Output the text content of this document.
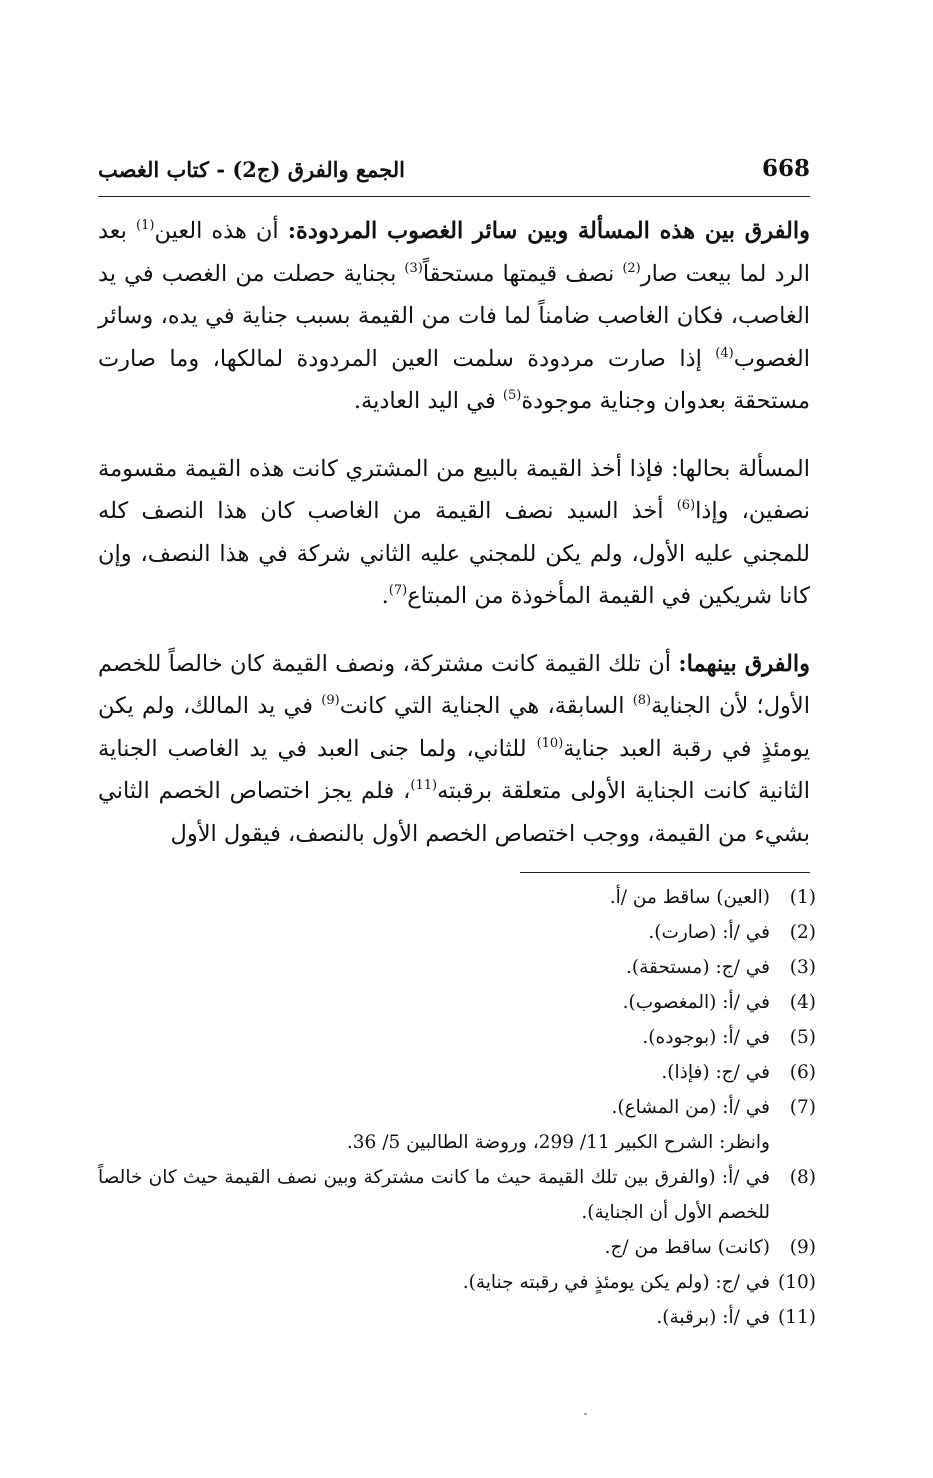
668
الجمع والفرق (ج2) - كتاب الغصب

والفرق بين هذه المسألة وبين سائر الغصوب المردودة: أن هذه العين$^{(1)}$ بعد الرد لما بيعت صار$^{(2)}$ نصف قيمتها مستحقاً$^{(3)}$ بجناية حصلت من الغصب في يد الغاصب، فكان الغاصب ضامناً لما فات من القيمة بسبب جناية في يده، وسائر الغصوب$^{(4)}$ إذا صارت مردودة سلمت العين المردودة لمالكها، وما صارت مستحقة بعدوان وجناية موجودة$^{(5)}$ في اليد العادية.

المسألة بحالها: فإذا أخذ القيمة بالبيع من المشتري كانت هذه القيمة مقسومة نصفين، وإذا$^{(6)}$ أخذ السيد نصف القيمة من الغاصب كان هذا النصف كله للمجني عليه الأول، ولم يكن للمجني عليه الثاني شركة في هذا النصف، وإن كانا شريكين في القيمة المأخوذة من المبتاع$^{(7)}$.

والفرق بينهما: أن تلك القيمة كانت مشتركة، ونصف القيمة كان خالصاً للخصم الأول؛ لأن الجناية$^{(8)}$ السابقة، هي الجناية التي كانت$^{(9)}$ في يد المالك، ولم يكن يومئذٍ في رقبة العبد جناية$^{(10)}$ للثاني، ولما جنى العبد في يد الغاصب الجناية الثانية كانت الجناية الأولى متعلقة برقبته$^{(11)}$، فلم يجز اختصاص الخصم الثاني بشيء من القيمة، ووجب اختصاص الخصم الأول بالنصف، فيقول الأول

(1)
(العين) ساقط من /أ.
(2)
في /أ: (صارت).
(3)
في /ج: (مستحقة).
(4)
في /أ: (المغصوب).
(5)
في /أ: (بوجوده).
(6)
في /ج: (فإذا).
(7)
في /أ: (من المشاع).
وانظر: الشرح الكبير 11/ 299، وروضة الطالبين 5/ 36.
(8)
في /أ: (والفرق بين تلك القيمة حيث ما كانت مشتركة وبين نصف القيمة حيث كان خالصاً للخصم الأول أن الجناية).
(9)
(كانت) ساقط من /ج.
(10)
في /ج: (ولم يكن يومئذٍ في رقبته جناية).
(11)
في /أ: (برقبة).
